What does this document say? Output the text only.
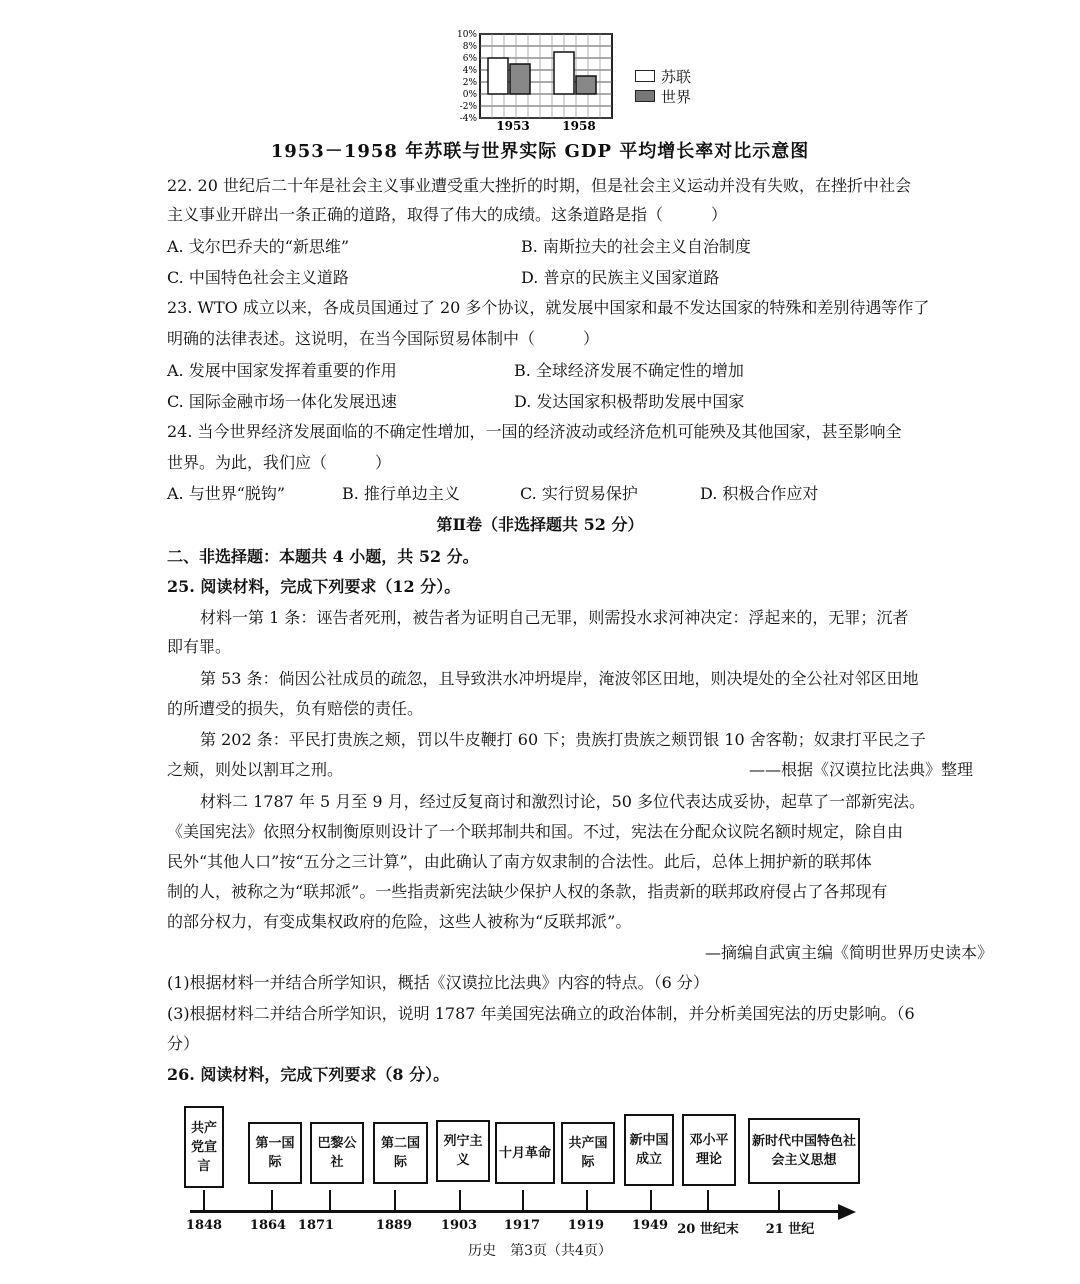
10%
8%
6%
4%
2%
0%
-2%
-4% 1953	1958
苏联
世界
1953－1958 年苏联与世界实际 GDP 平均增长率对比示意图
22. 20 世纪后二十年是社会主义事业遭受重大挫折的时期，但是社会主义运动并没有失败，在挫折中社会
主义事业开辟出一条正确的道路，取得了伟大的成绩。这条道路是指（　　　）
A. 戈尔巴乔夫的“新思维”	B. 南斯拉夫的社会主义自治制度
C. 中国特色社会主义道路	D. 普京的民族主义国家道路
23. WTO 成立以来，各成员国通过了 20 多个协议，就发展中国家和最不发达国家的特殊和差别待遇等作了
明确的法律表述。这说明，在当今国际贸易体制中（　　　）
A. 发展中国家发挥着重要的作用	B. 全球经济发展不确定性的增加
C. 国际金融市场一体化发展迅速	D. 发达国家积极帮助发展中国家
24. 当今世界经济发展面临的不确定性增加，一国的经济波动或经济危机可能殃及其他国家，甚至影响全
世界。为此，我们应（　　　）
A. 与世界“脱钩”	B. 推行单边主义	C. 实行贸易保护	D. 积极合作应对
第Ⅱ卷（非选择题共 52 分）
二、非选择题：本题共 4 小题，共 52 分。
25. 阅读材料，完成下列要求（12 分）。
材料一第 1 条：诬告者死刑，被告者为证明自己无罪，则需投水求河神决定：浮起来的，无罪；沉者
即有罪。
第 53 条：倘因公社成员的疏忽，且导致洪水冲坍堤岸，淹波邻区田地，则决堤处的全公社对邻区田地
的所遭受的损失，负有赔偿的责任。
第 202 条：平民打贵族之颊，罚以牛皮鞭打 60 下；贵族打贵族之颊罚银 10 舍客勒；奴隶打平民之子
之颊，则处以割耳之刑。	——根据《汉谟拉比法典》整理
材料二 1787 年 5 月至 9 月，经过反复商讨和激烈讨论，50 多位代表达成妥协，起草了一部新宪法。
《美国宪法》依照分权制衡原则设计了一个联邦制共和国。不过，宪法在分配众议院名额时规定，除自由
民外“其他人口”按“五分之三计算”，由此确认了南方奴隶制的合法性。此后，总体上拥护新的联邦体
制的人，被称之为“联邦派”。一些指责新宪法缺少保护人权的条款，指责新的联邦政府侵占了各邦现有
的部分权力，有变成集权政府的危险，这些人被称为“反联邦派”。
—摘编自武寅主编《简明世界历史读本》
(1)根据材料一并结合所学知识，概括《汉谟拉比法典》内容的特点。（6 分）
(3)根据材料二并结合所学知识，说明 1787 年美国宪法确立的政治体制，并分析美国宪法的历史影响。（6
分）
26. 阅读材料，完成下列要求（8 分）。
共产党宣言
1848
第一国际
1864
巴黎公社
1871
第二国际
1889
列宁主义
1903
十月革命
1917
共产国际
1919
新中国成立
1949
邓小平理论
20 世纪末
新时代中国特色社会主义思想
21 世纪
历史　第3页（共4页）
